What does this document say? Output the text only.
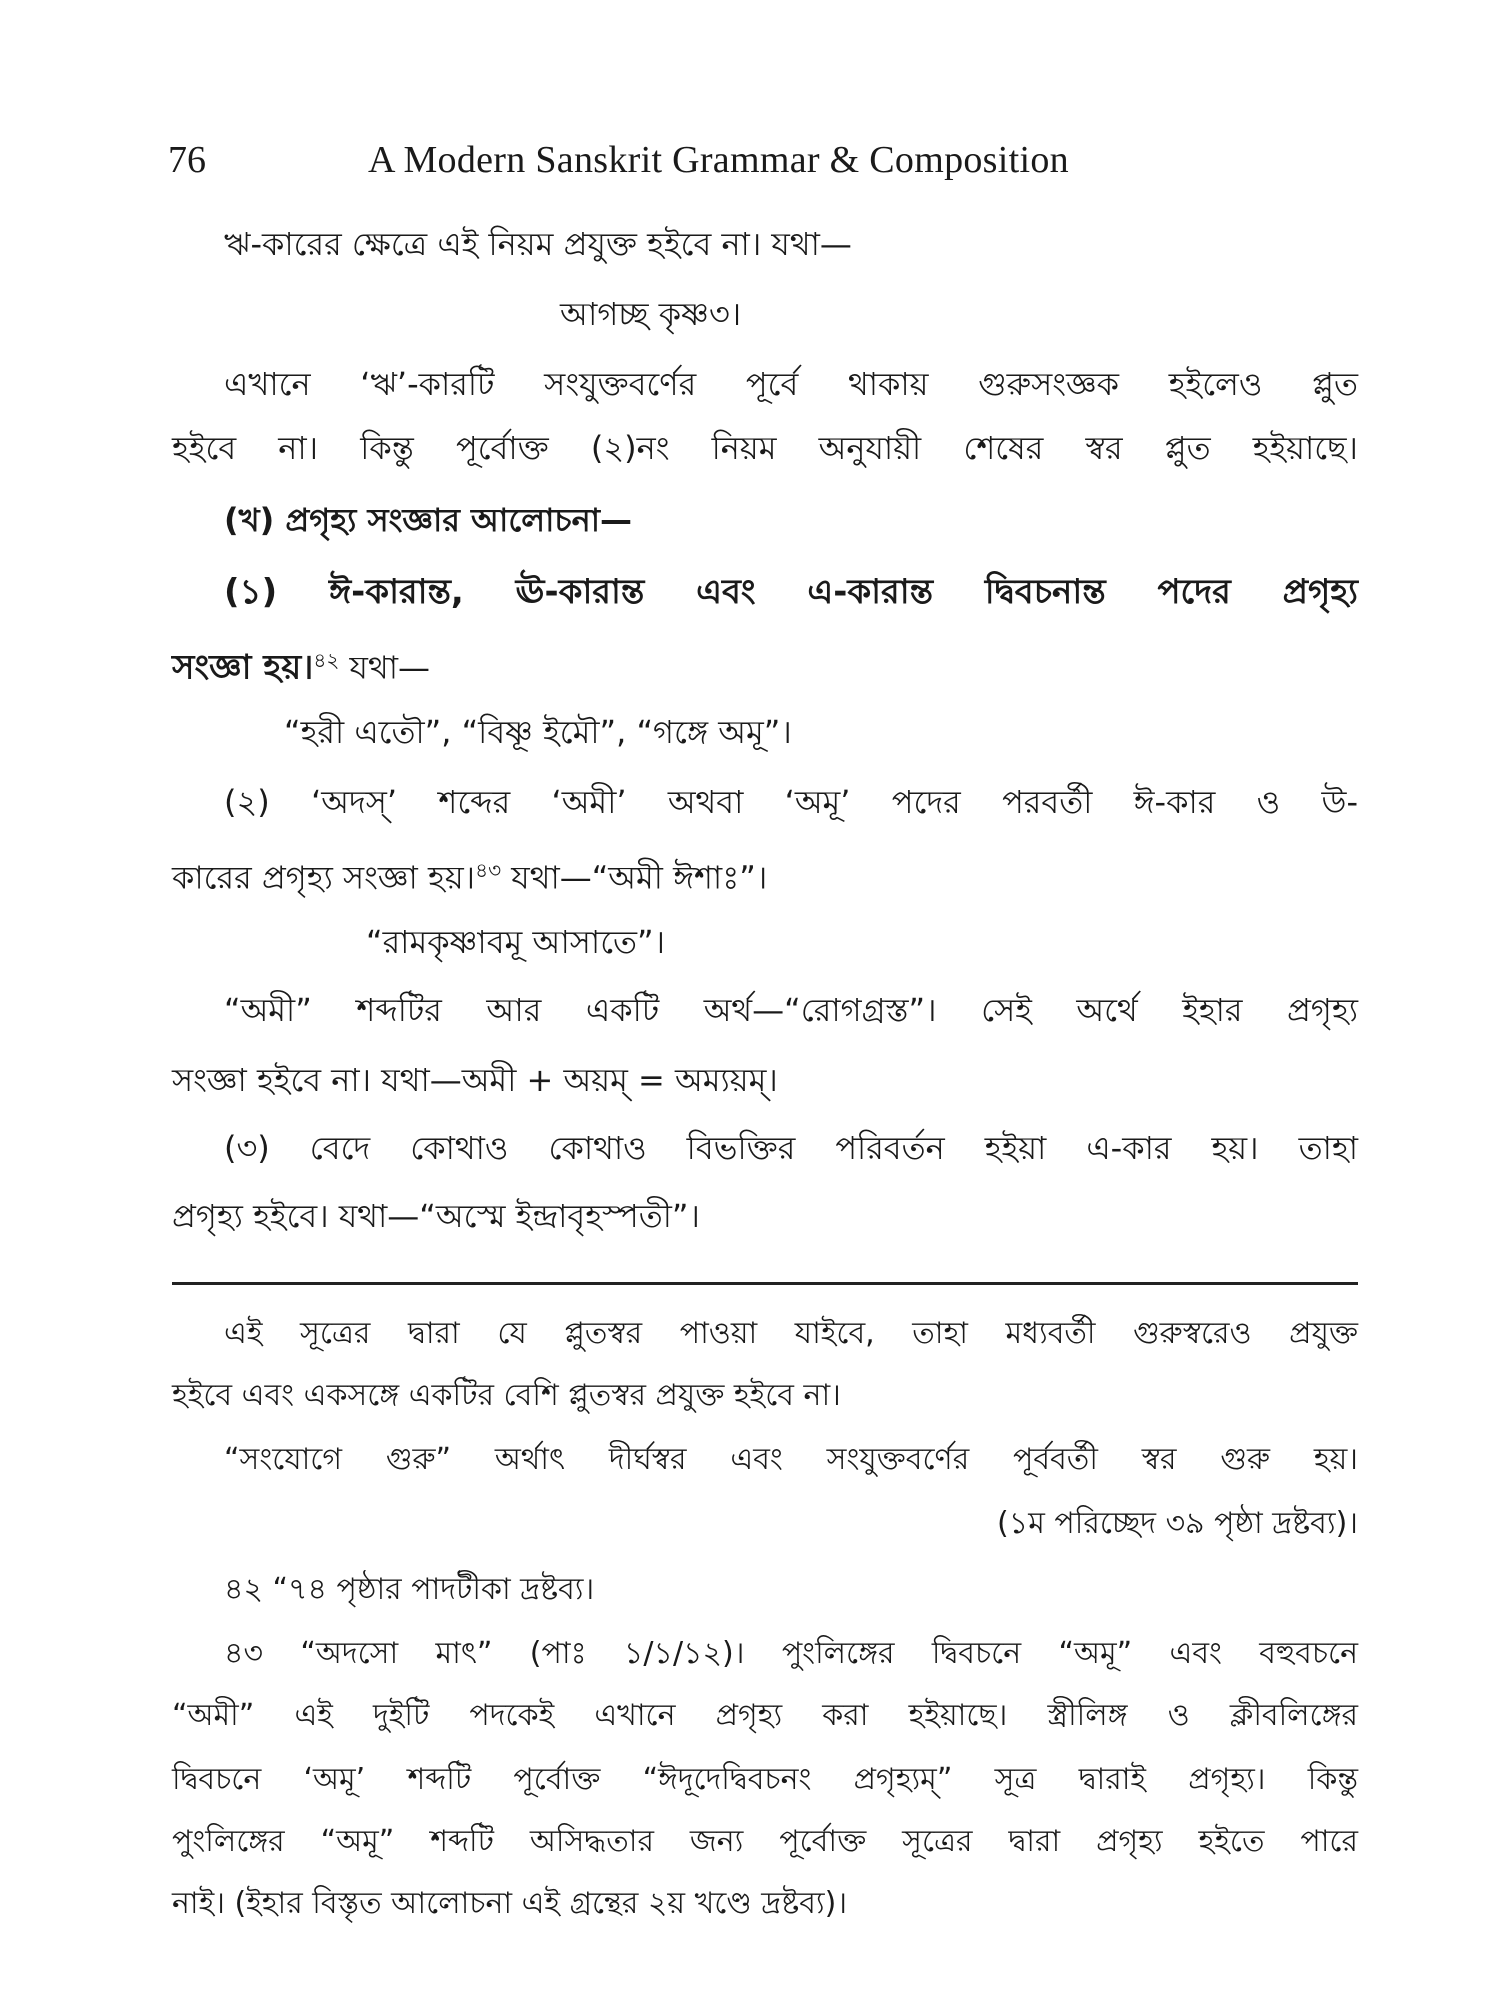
76	A Modern Sanskrit Grammar & Composition
ঋ-কারের ক্ষেত্রে এই নিয়ম প্রযুক্ত হইবে না। যথা—
আগচ্ছ কৃষ্ণ৩।
এখানে ‘ঋ’-কারটি সংযুক্তবর্ণের পূর্বে থাকায় গুরুসংজ্ঞক হইলেও প্লুত
হইবে না। কিন্তু পূর্বোক্ত (২)নং নিয়ম অনুযায়ী শেষের স্বর প্লুত হইয়াছে।
(খ) প্রগৃহ্য সংজ্ঞার আলোচনা—
(১) ঈ-কারান্ত, ঊ-কারান্ত এবং এ-কারান্ত দ্বিবচনান্ত পদের প্রগৃহ্য
সংজ্ঞা হয়।$^{৪২}$ যথা—
“হরী এতৌ”, “বিষ্ণূ ইমৌ”, “গঙ্গে অমূ”।
(২) ‘অদস্’ শব্দের ‘অমী’ অথবা ‘অমূ’ পদের পরবর্তী ঈ-কার ও উ-
কারের প্রগৃহ্য সংজ্ঞা হয়।$^{৪৩}$ যথা—“অমী ঈশাঃ”।
“রামকৃষ্ণাবমূ আসাতে”।
“অমী” শব্দটির আর একটি অর্থ—“রোগগ্রস্ত”। সেই অর্থে ইহার প্রগৃহ্য
সংজ্ঞা হইবে না। যথা—অমী + অয়ম্ = অম্যয়ম্।
(৩) বেদে কোথাও কোথাও বিভক্তির পরিবর্তন হইয়া এ-কার হয়। তাহা
প্রগৃহ্য হইবে। যথা—“অস্মে ইন্দ্রাবৃহস্পতী”।
এই সূত্রের দ্বারা যে প্লুতস্বর পাওয়া যাইবে, তাহা মধ্যবর্তী গুরুস্বরেও প্রযুক্ত
হইবে এবং একসঙ্গে একটির বেশি প্লুতস্বর প্রযুক্ত হইবে না।
“সংযোগে গুরু” অর্থাৎ দীর্ঘস্বর এবং সংযুক্তবর্ণের পূর্ববর্তী স্বর গুরু হয়।
(১ম পরিচ্ছেদ ৩৯ পৃষ্ঠা দ্রষ্টব্য)।
৪২ “৭৪ পৃষ্ঠার পাদটীকা দ্রষ্টব্য।
৪৩ “অদসো মাৎ” (পাঃ ১/১/১২)। পুংলিঙ্গের দ্বিবচনে “অমূ” এবং বহুবচনে
“অমী” এই দুইটি পদকেই এখানে প্রগৃহ্য করা হইয়াছে। স্ত্রীলিঙ্গ ও ক্লীবলিঙ্গের
দ্বিবচনে ‘অমূ’ শব্দটি পূর্বোক্ত “ঈদূদেদ্বিবচনং প্রগৃহ্যম্” সূত্র দ্বারাই প্রগৃহ্য। কিন্তু
পুংলিঙ্গের “অমূ” শব্দটি অসিদ্ধতার জন্য পূর্বোক্ত সূত্রের দ্বারা প্রগৃহ্য হইতে পারে
নাই। (ইহার বিস্তৃত আলোচনা এই গ্রন্থের ২য় খণ্ডে দ্রষ্টব্য)।
